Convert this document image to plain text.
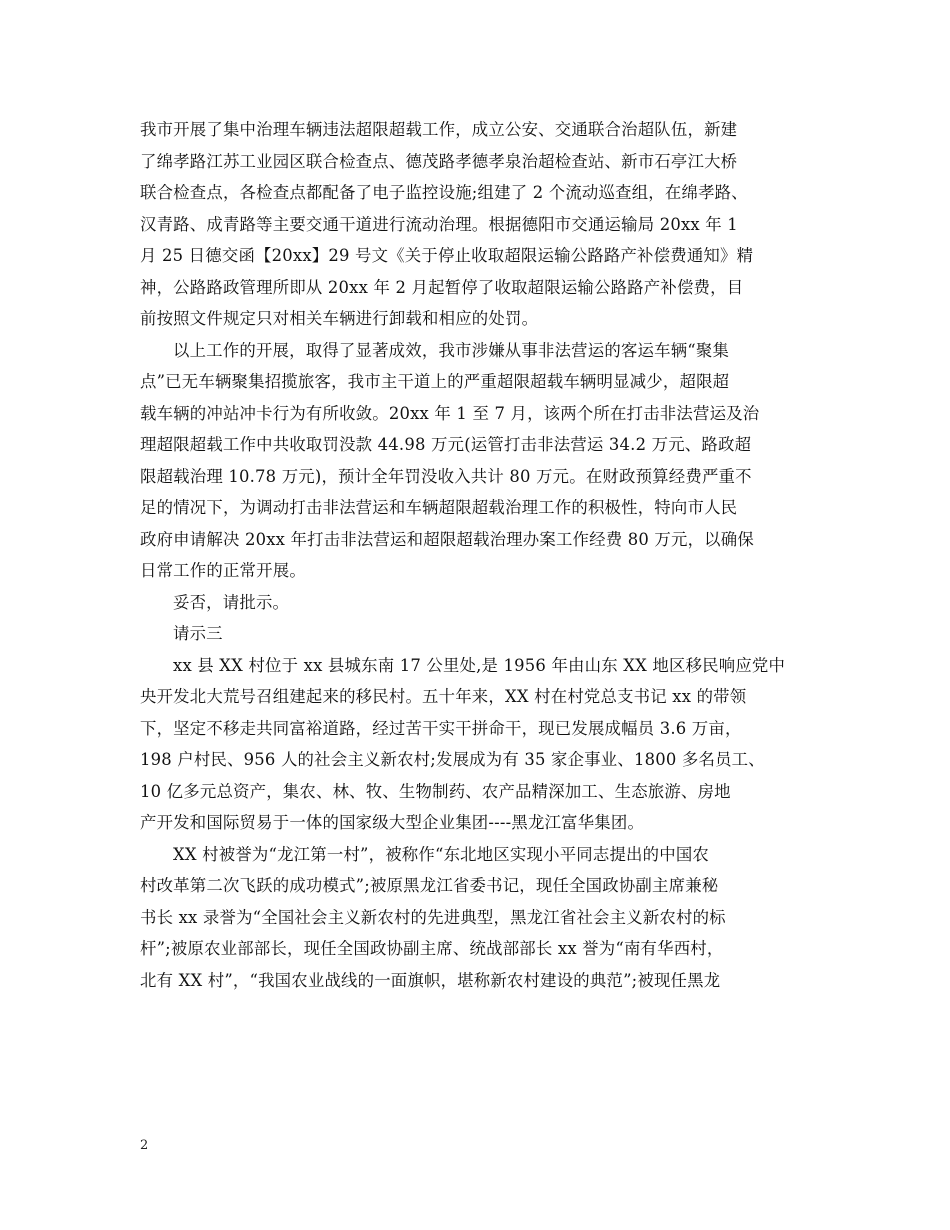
我市开展了集中治理车辆违法超限超载工作，成立公安、交通联合治超队伍，新建
了绵孝路江苏工业园区联合检查点、德茂路孝德孝泉治超检查站、新市石亭江大桥
联合检查点，各检查点都配备了电子监控设施;组建了 2 个流动巡查组，在绵孝路、
汉青路、成青路等主要交通干道进行流动治理。根据德阳市交通运输局 20xx 年 1
月 25 日德交函【20xx】29 号文《关于停止收取超限运输公路路产补偿费通知》精
神，公路路政管理所即从 20xx 年 2 月起暂停了收取超限运输公路路产补偿费，目
前按照文件规定只对相关车辆进行卸载和相应的处罚。
以上工作的开展，取得了显著成效，我市涉嫌从事非法营运的客运车辆“聚集
点”已无车辆聚集招揽旅客，我市主干道上的严重超限超载车辆明显减少，超限超
载车辆的冲站冲卡行为有所收敛。20xx 年 1 至 7 月，该两个所在打击非法营运及治
理超限超载工作中共收取罚没款 44.98 万元(运管打击非法营运 34.2 万元、路政超
限超载治理 10.78 万元)，预计全年罚没收入共计 80 万元。在财政预算经费严重不
足的情况下，为调动打击非法营运和车辆超限超载治理工作的积极性，特向市人民
政府申请解决 20xx 年打击非法营运和超限超载治理办案工作经费 80 万元，以确保
日常工作的正常开展。
妥否，请批示。
请示三
xx 县 XX 村位于 xx 县城东南 17 公里处,是 1956 年由山东 XX 地区移民响应党中
央开发北大荒号召组建起来的移民村。五十年来，XX 村在村党总支书记 xx 的带领
下，坚定不移走共同富裕道路，经过苦干实干拼命干，现已发展成幅员 3.6 万亩，
198 户村民、956 人的社会主义新农村;发展成为有 35 家企事业、1800 多名员工、
10 亿多元总资产，集农、林、牧、生物制药、农产品精深加工、生态旅游、房地
产开发和国际贸易于一体的国家级大型企业集团----黑龙江富华集团。
XX 村被誉为“龙江第一村”，被称作“东北地区实现小平同志提出的中国农
村改革第二次飞跃的成功模式”;被原黑龙江省委书记，现任全国政协副主席兼秘
书长 xx 录誉为“全国社会主义新农村的先进典型，黑龙江省社会主义新农村的标
杆”;被原农业部部长，现任全国政协副主席、统战部部长 xx 誉为“南有华西村，
北有 XX 村”，“我国农业战线的一面旗帜，堪称新农村建设的典范”;被现任黑龙
2
